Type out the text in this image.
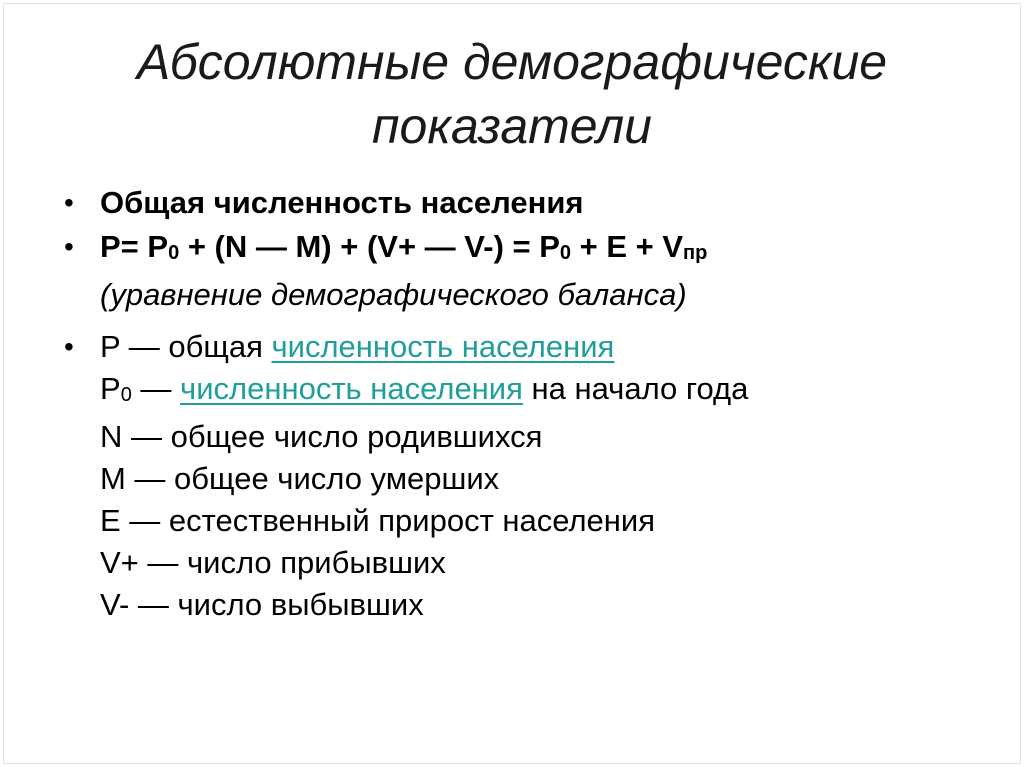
Абсолютные демографические
показатели
• Общая численность населения
• P= P0 + (N — M) + (V+ — V-) = P0 + E + Vпр
(уравнение демографического баланса)
• P — общая численность населения
P0 — численность населения на начало года
N — общее число родившихся
M — общее число умерших
E — естественный прирост населения
V+ — число прибывших
V- — число выбывших
